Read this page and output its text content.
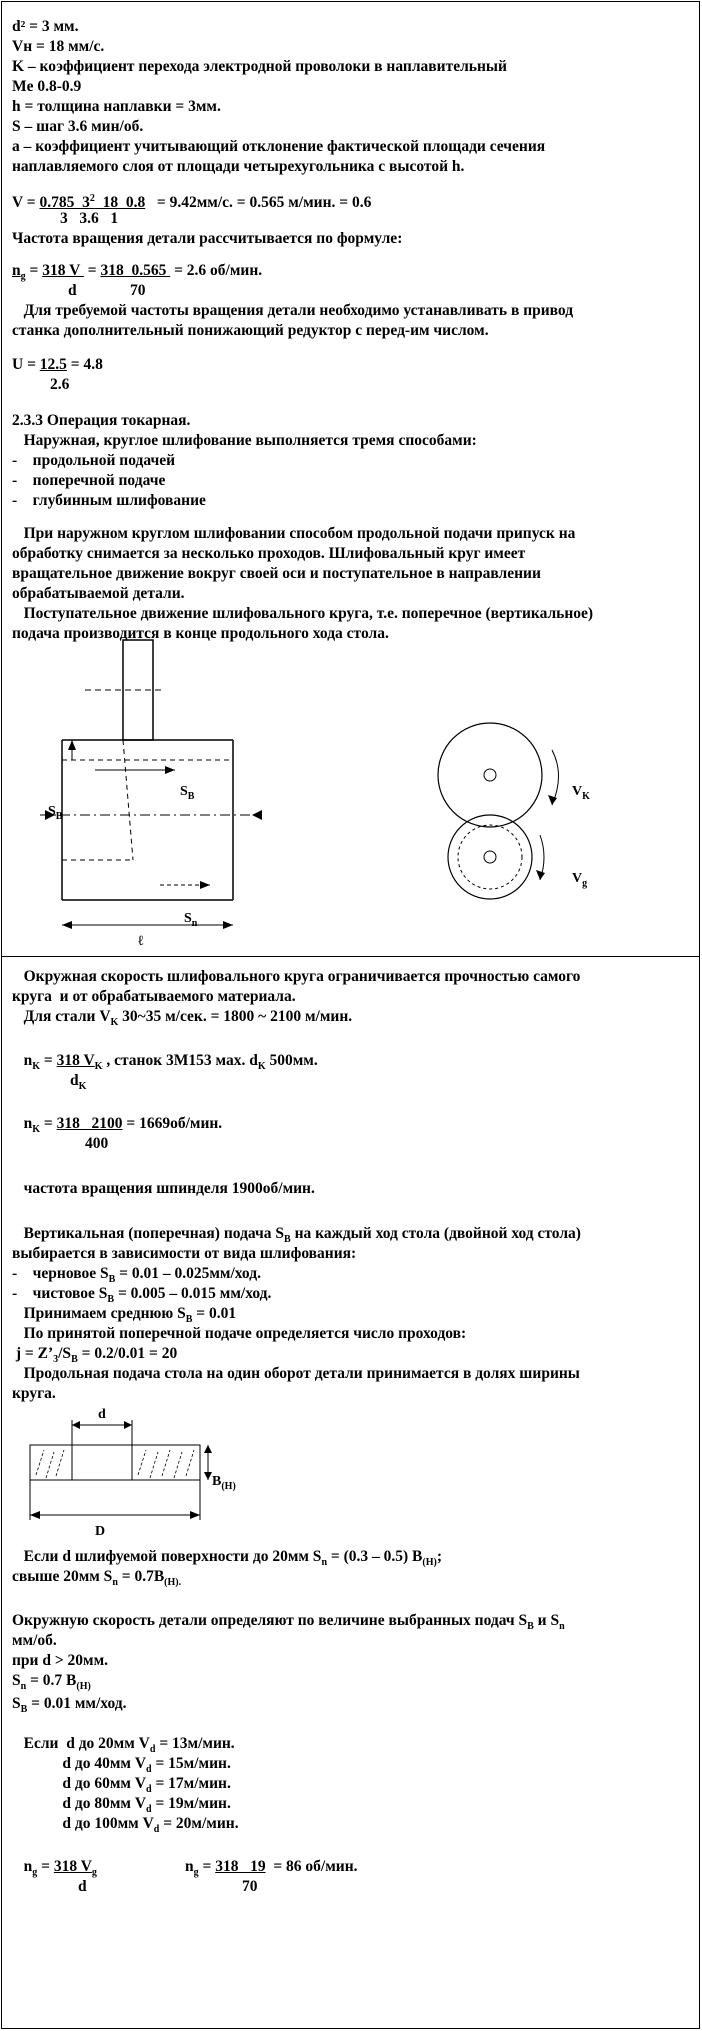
d² = 3 мм.
Vн = 18 мм/с.
K – коэффициент перехода электродной проволоки в наплавительный
Me 0.8-0.9
h = толщина наплавки = 3мм.
S – шаг 3.6 мин/об.
a – коэффициент учитывающий отклонение фактической площади сечения
наплавляемого слоя от площади четырехугольника с высотой h.
V = 0.785  $3^2$  18  0.8   = 9.42мм/с. = 0.565 м/мин. = 0.6
3   3.6   1
Частота вращения детали рассчитывается по формуле:
$n_g = 318$ V  = 318  0.565  = 2.6 об/мин.
d	70
Для требуемой частоты вращения детали необходимо устанавливать в привод
станка дополнительный понижающий редуктор с перед-им числом.
U = 12.5 = 4.8
2.6
2.3.3 Операция токарная.
Наружная, круглое шлифование выполняется тремя способами:
-    продольной подачей
-    поперечной подаче
-    глубинным шлифование
При наружном круглом шлифовании способом продольной подачи припуск на
обработку снимается за несколько проходов. Шлифовальный круг имеет
вращательное движение вокруг своей оси и поступательное в направлении
обрабатываемой детали.
Поступательное движение шлифовального круга, т.е. поперечное (вертикальное)
подача производится в конце продольного хода стола.
$S_B$
$S_B$
$S_n$
ℓ
$V_K$
$V_g$
d
$B_{(H)}$
D
Окружная скорость шлифовального круга ограничивается прочностью самого
круга  и от обрабатываемого материала.
Для стали $V_K$ 30~35 м/сек. = 1800 ~ 2100 м/мин.
$n_K = 318$ $V_K$ , станок 3М153 мах. $d_K$ 500мм.
$d_K$
$n_K = 318$   2100 = 1669об/мин.
400
частота вращения шпинделя 1900об/мин.
Вертикальная (поперечная) подача $S_B$ на каждый ход стола (двойной ход стола)
выбирается в зависимости от вида шлифования:
-    черновое $S_B = 0.01 - 0.025мм/ход$.
-    чистовое $S_B = 0.005 - 0.015$ мм/ход.
Принимаем среднюю $S_B = 0.01$
По принятой поперечной подаче определяется число проходов:
$j = Z’_3/S_B = 0.2/0.01 = 20$
Продольная подача стола на один оборот детали принимается в долях ширины
круга.
Если d шлифуемой поверхности до 20мм $S_n = (0.3 - 0.5)$ $B_{(H)}$;
свыше 20мм $S_n = 0.7B_{(H).}$
Окружную скорость детали определяют по величине выбранных подач $S_B$ и $S_n$
мм/об.
при d > 20мм.
$S_n = 0.7$ $B_{(H)}$
$S_B = 0.01$ мм/ход.
Если  d до 20мм $V_d = 13м/мин$.
d до 40мм $V_d = 15м/мин$.
d до 60мм $V_d = 17м/мин$.
d до 80мм $V_d = 19м/мин$.
d до 100мм $V_d = 20м/мин$.
$n_g = 318$ $V_g$
d
$n_g = 318$   19  = 86 об/мин.
70
